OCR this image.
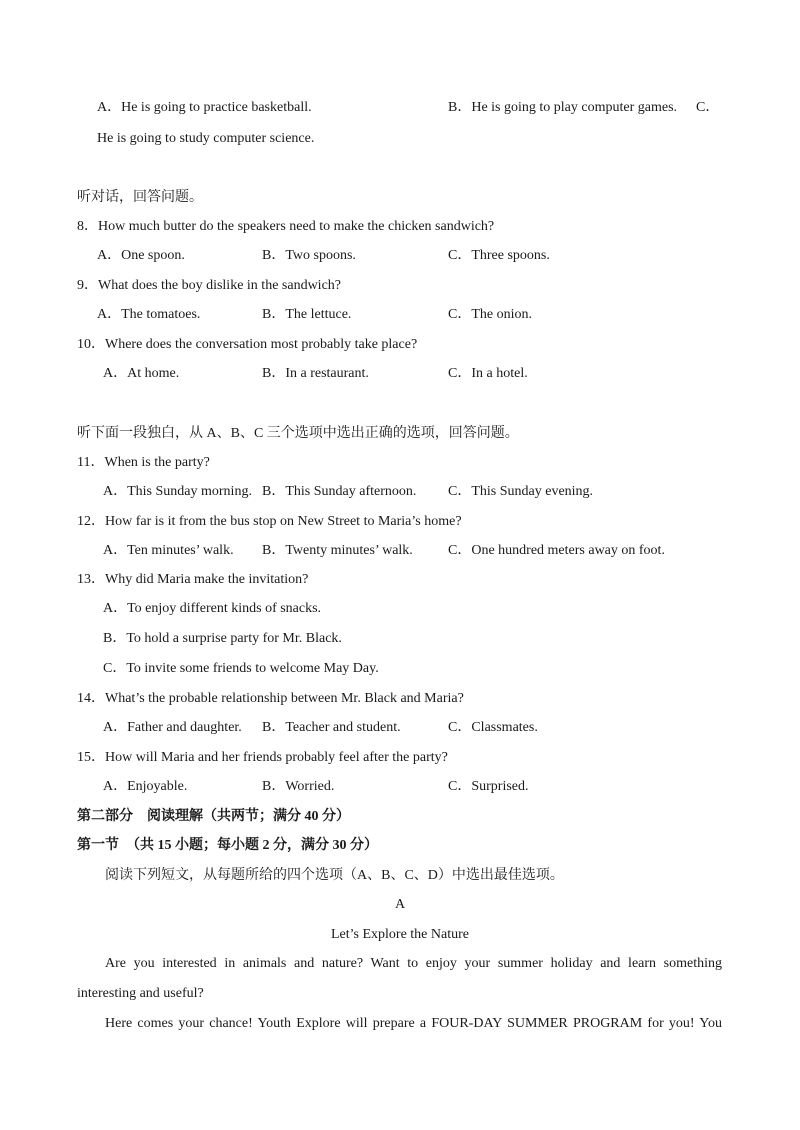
A．He is going to practice basketball.	B．He is going to play computer games. C．
He is going to study computer science.
听对话，回答问题。
8．How much butter do the speakers need to make the chicken sandwich?
A．One spoon.	B．Two spoons.	C．Three spoons.
9．What does the boy dislike in the sandwich?
A．The tomatoes.	B．The lettuce.	C．The onion.
10．Where does the conversation most probably take place?
A．At home.	B．In a restaurant.	C．In a hotel.
听下面一段独白，从 A、B、C 三个选项中选出正确的选项，回答问题。
11．When is the party?
A．This Sunday morning. B．This Sunday afternoon. C．This Sunday evening.
12．How far is it from the bus stop on New Street to Maria’s home?
A．Ten minutes’ walk. B．Twenty minutes’ walk.	C．One hundred meters away on foot.
13．Why did Maria make the invitation?
A．To enjoy different kinds of snacks.
B．To hold a surprise party for Mr. Black.
C．To invite some friends to welcome May Day.
14．What’s the probable relationship between Mr. Black and Maria?
A．Father and daughter. B．Teacher and student.	C．Classmates.
15．How will Maria and her friends probably feel after the party?
A．Enjoyable.	B．Worried.	C．Surprised.
第二部分　阅读理解（共两节；满分 40 分）
第一节　（共 15 小题；每小题 2 分，满分 30 分）
阅读下列短文，从每题所给的四个选项（A、B、C、D）中选出最佳选项。
A
Let’s Explore the Nature
Are you interested in animals and nature? Want to enjoy your summer holiday and learn something
interesting and useful?
Here comes your chance! Youth Explore will prepare a FOUR-DAY SUMMER PROGRAM for you! You
